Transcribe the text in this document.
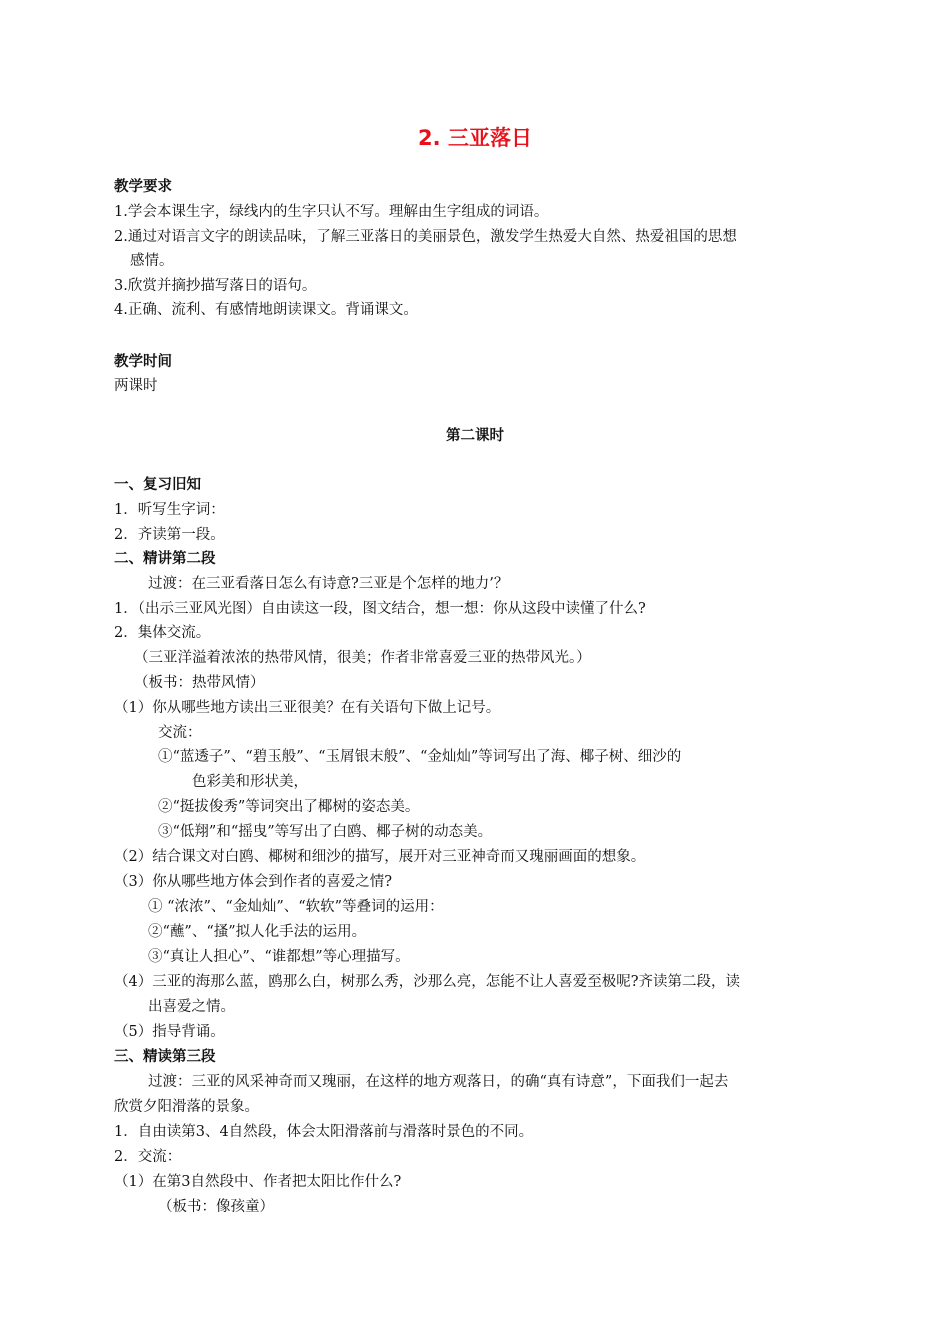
2. 三亚落日
教学要求
1.学会本课生字，绿线内的生字只认不写。理解由生字组成的词语。
2.通过对语言文字的朗读品味，了解三亚落日的美丽景色，激发学生热爱大自然、热爱祖国的思想
感情。
3.欣赏并摘抄描写落日的语句。
4.正确、流利、有感情地朗读课文。背诵课文。
教学时间
两课时
第二课时
一、复习旧知
1．听写生字词：
2．齐读第一段。
二、精讲第二段
过渡：在三亚看落日怎么有诗意?三亚是个怎样的地力’？
1．（出示三亚风光图）自由读这一段，图文结合，想一想：你从这段中读懂了什么?
2．集体交流。
（三亚洋溢着浓浓的热带风情，很美；作者非常喜爱三亚的热带风光。）
（板书：热带风情）
（1）你从哪些地方读出三亚很美？在有关语句下做上记号。
交流：
①“蓝透子”、“碧玉般”、“玉屑银末般”、“金灿灿”等词写出了海、椰子树、细沙的
色彩美和形状美，
②“挺拔俊秀”等词突出了椰树的姿态美。
③“低翔”和“摇曳”等写出了白鸥、椰子树的动态美。
（2）结合课文对白鸥、椰树和细沙的描写，展开对三亚神奇而又瑰丽画面的想象。
（3）你从哪些地方体会到作者的喜爱之情?
① “浓浓”、“金灿灿”、“软软”等叠词的运用：
②“蘸”、“搔”拟人化手法的运用。
③“真让人担心”、“谁都想”等心理描写。
（4）三亚的海那么蓝，鸥那么白，树那么秀，沙那么亮，怎能不让人喜爱至极呢?齐读第二段，读
出喜爱之情。
（5）指导背诵。
三、精读第三段
过渡：三亚的风采神奇而又瑰丽，在这样的地方观落日，的确“真有诗意”，下面我们一起去
欣赏夕阳滑落的景象。
1．自由读第3、4自然段，体会太阳滑落前与滑落时景色的不同。
2．交流：
（1）在第3自然段中、作者把太阳比作什么?
（板书：像孩童）
